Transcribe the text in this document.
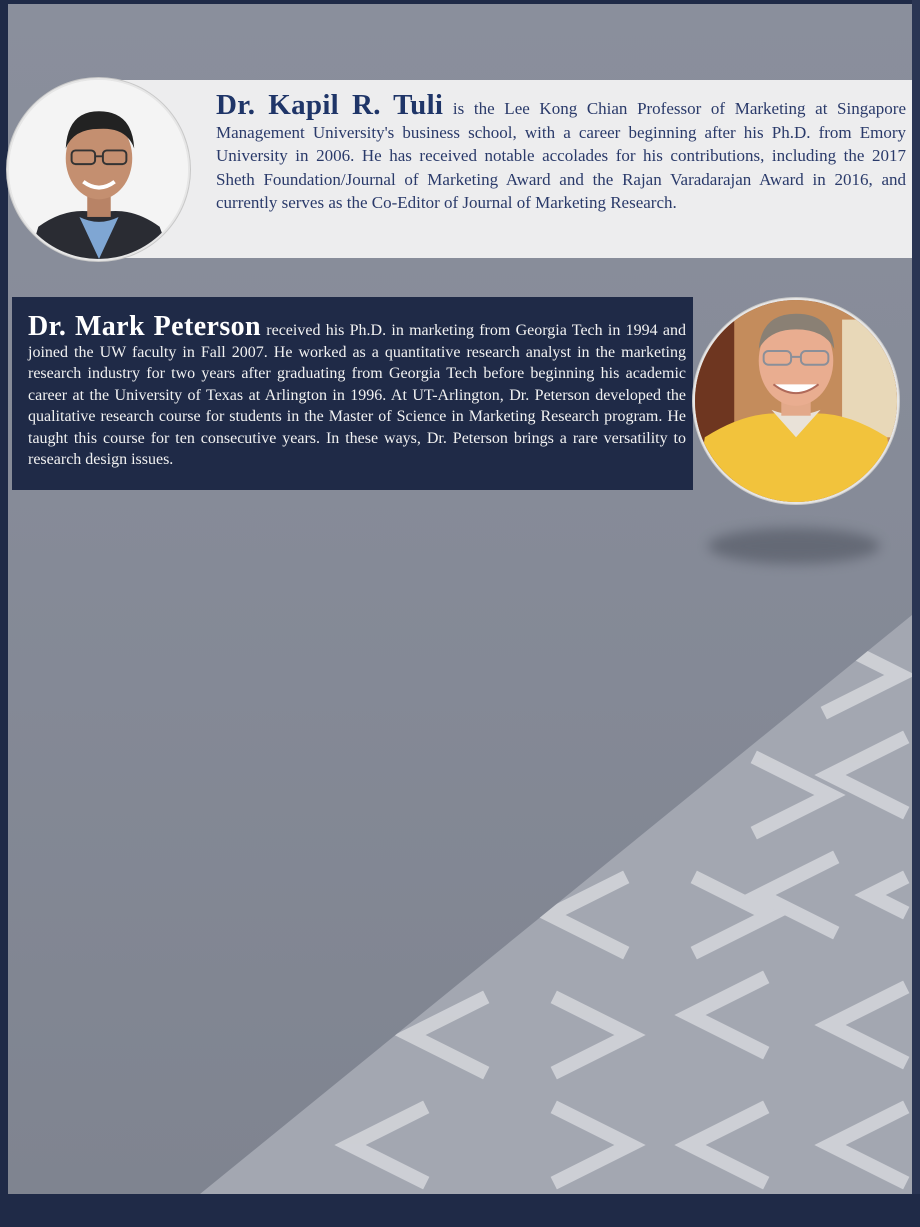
Dr. Kapil R. Tuli is the Lee Kong Chian Professor of Marketing at Singapore Management University's business school, with a career beginning after his Ph.D. from Emory University in 2006. He has received notable accolades for his contributions, including the 2017 Sheth Foundation/Journal of Marketing Award and the Rajan Varadarajan Award in 2016, and currently serves as the Co-Editor of Journal of Marketing Research.
Dr. Mark Peterson received his Ph.D. in marketing from Georgia Tech in 1994 and joined the UW faculty in Fall 2007. He worked as a quantitative research analyst in the marketing research industry for two years after graduating from Georgia Tech before beginning his academic career at the University of Texas at Arlington in 1996. At UT-Arlington, Dr. Peterson developed the qualitative research course for students in the Master of Science in Marketing Research program. He taught this course for ten consecutive years. In these ways, Dr. Peterson brings a rare versatility to research design issues.
